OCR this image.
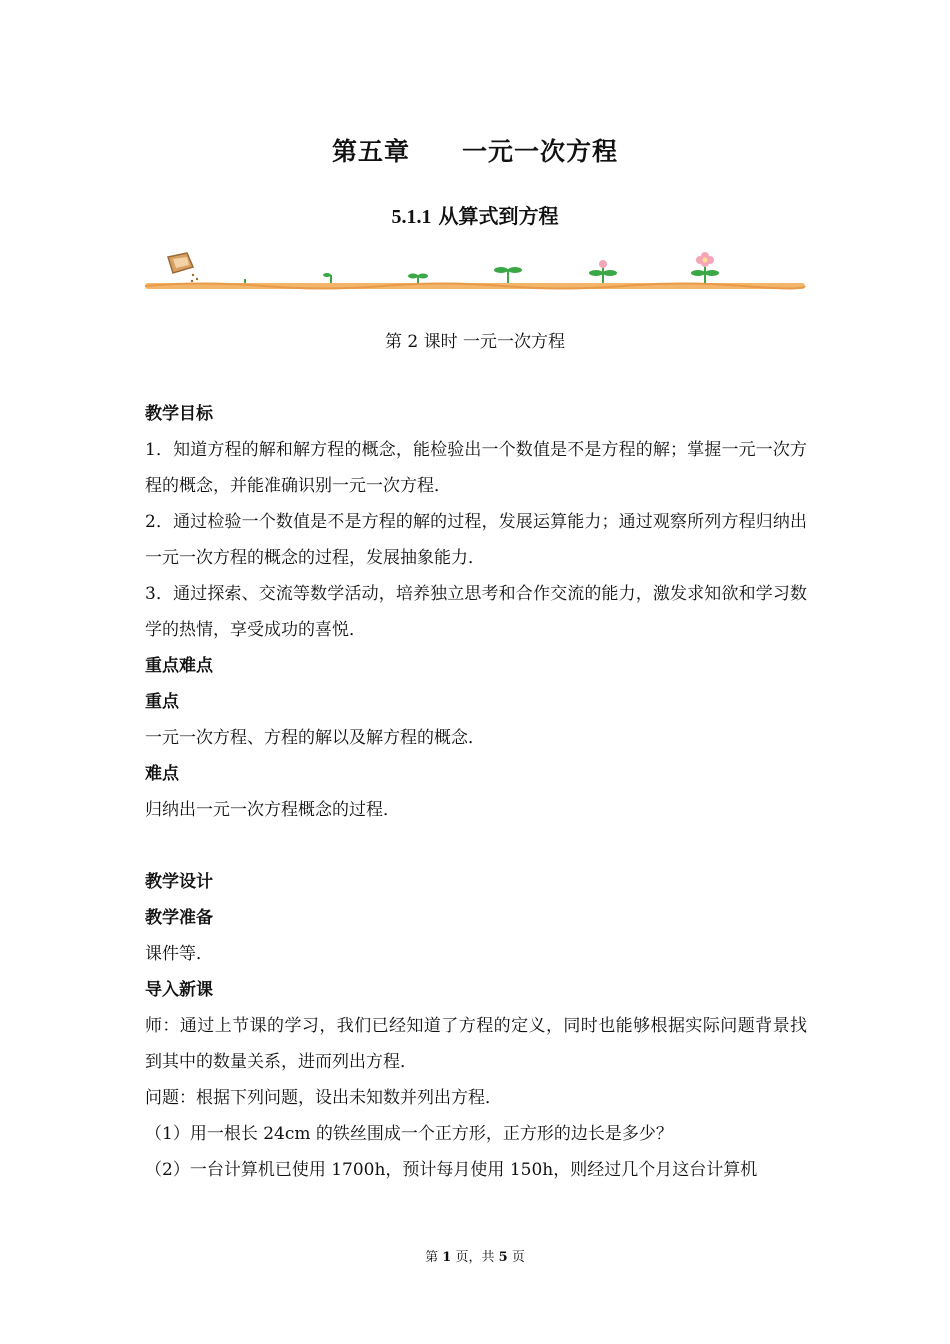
第五章 一元一次方程
5.1.1 从算式到方程
第 2 课时 一元一次方程

教学目标

1．知道方程的解和解方程的概念，能检验出一个数值是不是方程的解；掌握一元一次方程的概念，并能准确识别一元一次方程．

2．通过检验一个数值是不是方程的解的过程，发展运算能力；通过观察所列方程归纳出一元一次方程的概念的过程，发展抽象能力．

3．通过探索、交流等数学活动，培养独立思考和合作交流的能力，激发求知欲和学习数学的热情，享受成功的喜悦．

重点难点

重点

一元一次方程、方程的解以及解方程的概念．

难点

归纳出一元一次方程概念的过程．

教学设计

教学准备

课件等．

导入新课

师：通过上节课的学习，我们已经知道了方程的定义，同时也能够根据实际问题背景找到其中的数量关系，进而列出方程．

问题：根据下列问题，设出未知数并列出方程．

（1）用一根长 24cm 的铁丝围成一个正方形，正方形的边长是多少？

（2）一台计算机已使用 1700h，预计每月使用 150h，则经过几个月这台计算机

第 1 页，共 5 页
